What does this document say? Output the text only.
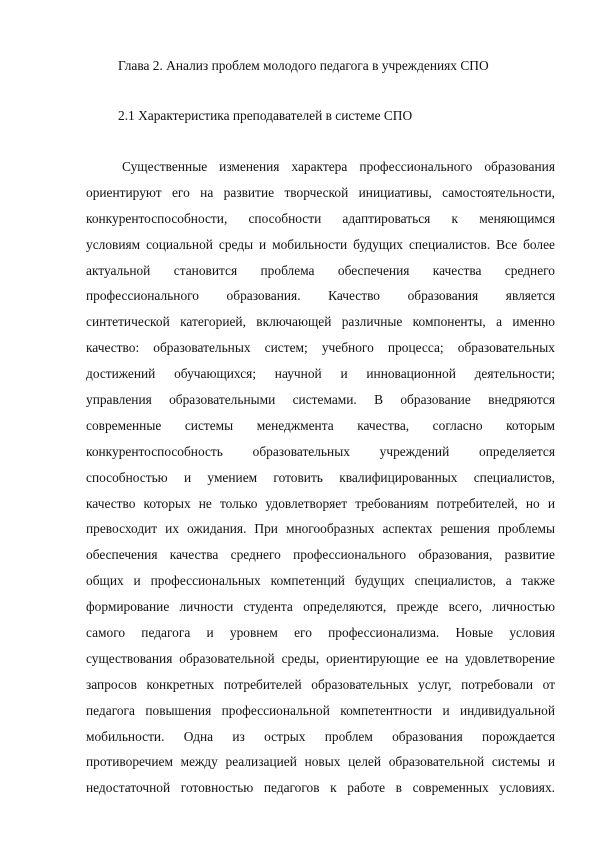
Глава 2. Анализ проблем молодого педагога в учреждениях СПО
2.1 Характеристика преподавателей в системе СПО
Существенные изменения характера профессионального образования
ориентируют его на развитие творческой инициативы, самостоятельности,
конкурентоспособности, способности адаптироваться к меняющимся
условиям социальной среды и мобильности будущих специалистов. Все более
актуальной становится проблема обеспечения качества среднего
профессионального образования. Качество образования является
синтетической категорией, включающей различные компоненты, а именно
качество: образовательных систем; учебного процесса; образовательных
достижений обучающихся; научной и инновационной деятельности;
управления образовательными системами. В образование внедряются
современные системы менеджмента качества, согласно которым
конкурентоспособность образовательных учреждений определяется
способностью и умением готовить квалифицированных специалистов,
качество которых не только удовлетворяет требованиям потребителей, но и
превосходит их ожидания. При многообразных аспектах решения проблемы
обеспечения качества среднего профессионального образования, развитие
общих и профессиональных компетенций будущих специалистов, а также
формирование личности студента определяются, прежде всего, личностью
самого педагога и уровнем его профессионализма. Новые условия
существования образовательной среды, ориентирующие ее на удовлетворение
запросов конкретных потребителей образовательных услуг, потребовали от
педагога повышения профессиональной компетентности и индивидуальной
мобильности. Одна из острых проблем образования порождается
противоречием между реализацией новых целей образовательной системы и
недостаточной готовностью педагогов к работе в современных условиях.
